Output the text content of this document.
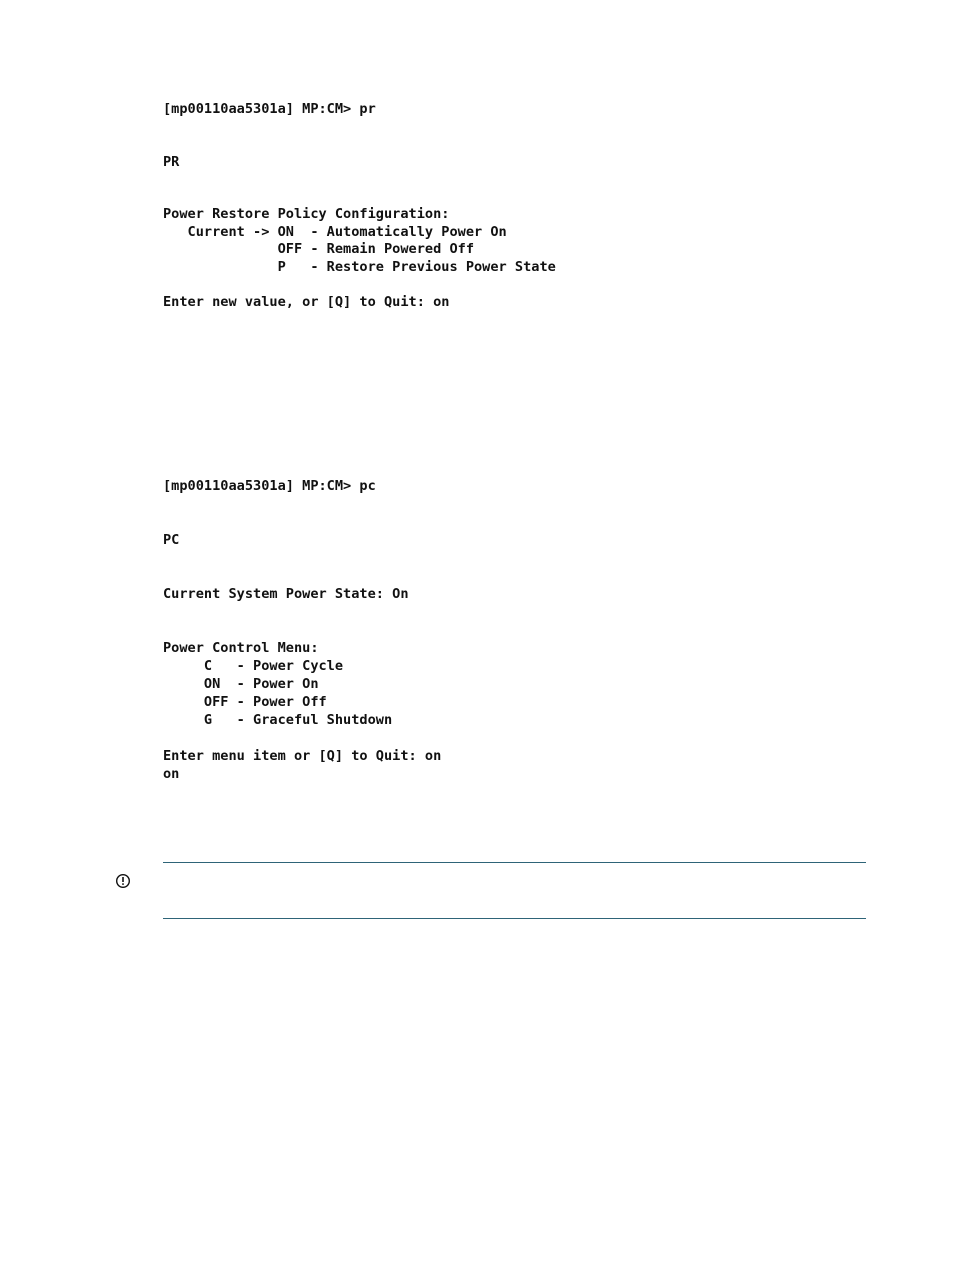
[mp00110aa5301a] MP:CM> pr
PR
Power Restore Policy Configuration:
Current -> ON  - Automatically Power On
OFF - Remain Powered Off
P   - Restore Previous Power State
Enter new value, or [Q] to Quit: on
[mp00110aa5301a] MP:CM> pc
PC
Current System Power State: On
Power Control Menu:
C   - Power Cycle
ON  - Power On
OFF - Power Off
G   - Graceful Shutdown
Enter menu item or [Q] to Quit: on
on
